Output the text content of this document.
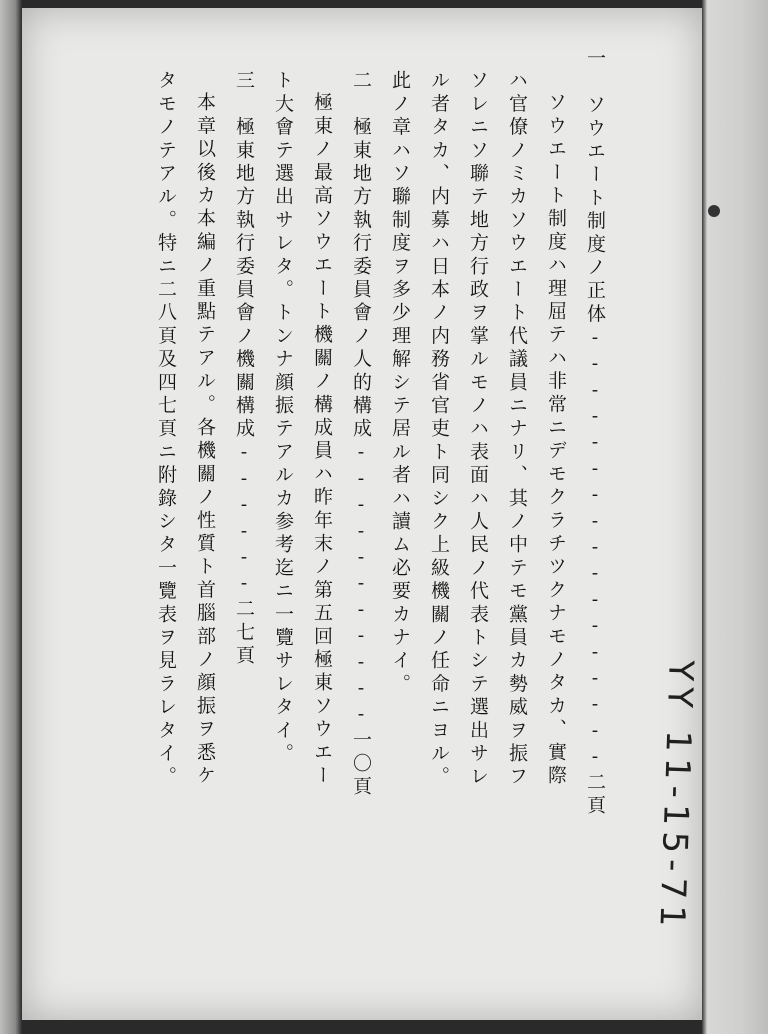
一　ソウエート制度ノ正体-----------------二頁
ソウエート制度ハ理屈テハ非常ニデモクラチツクナモノタカ、實際
ハ官僚ノミカソウエート代議員ニナリ、其ノ中テモ黨員カ勢威ヲ振フ
ソレニソ聯テ地方行政ヲ掌ルモノハ表面ハ人民ノ代表トシテ選出サレ
ル者タカ、内募ハ日本ノ内務省官吏ト同シク上級機關ノ任命ニヨル。
此ノ章ハソ聯制度ヲ多少理解シテ居ル者ハ讀ム必要カナイ。
二　極東地方執行委員會ノ人的構成-----------一〇頁
極東ノ最高ソウエート機關ノ構成員ハ昨年末ノ第五回極東ソウエー
ト大會テ選出サレタ。トンナ顔振テアルカ参考迄ニ一覽サレタイ。
三　極東地方執行委員會ノ機關構成------二七頁
本章以後カ本編ノ重點テアル。各機關ノ性質ト首腦部ノ顔振ヲ悉ケ
タモノテアル。特ニ二八頁及四七頁ニ附錄シタ一覽表ヲ見ラレタイ。
YY 11-15-71
